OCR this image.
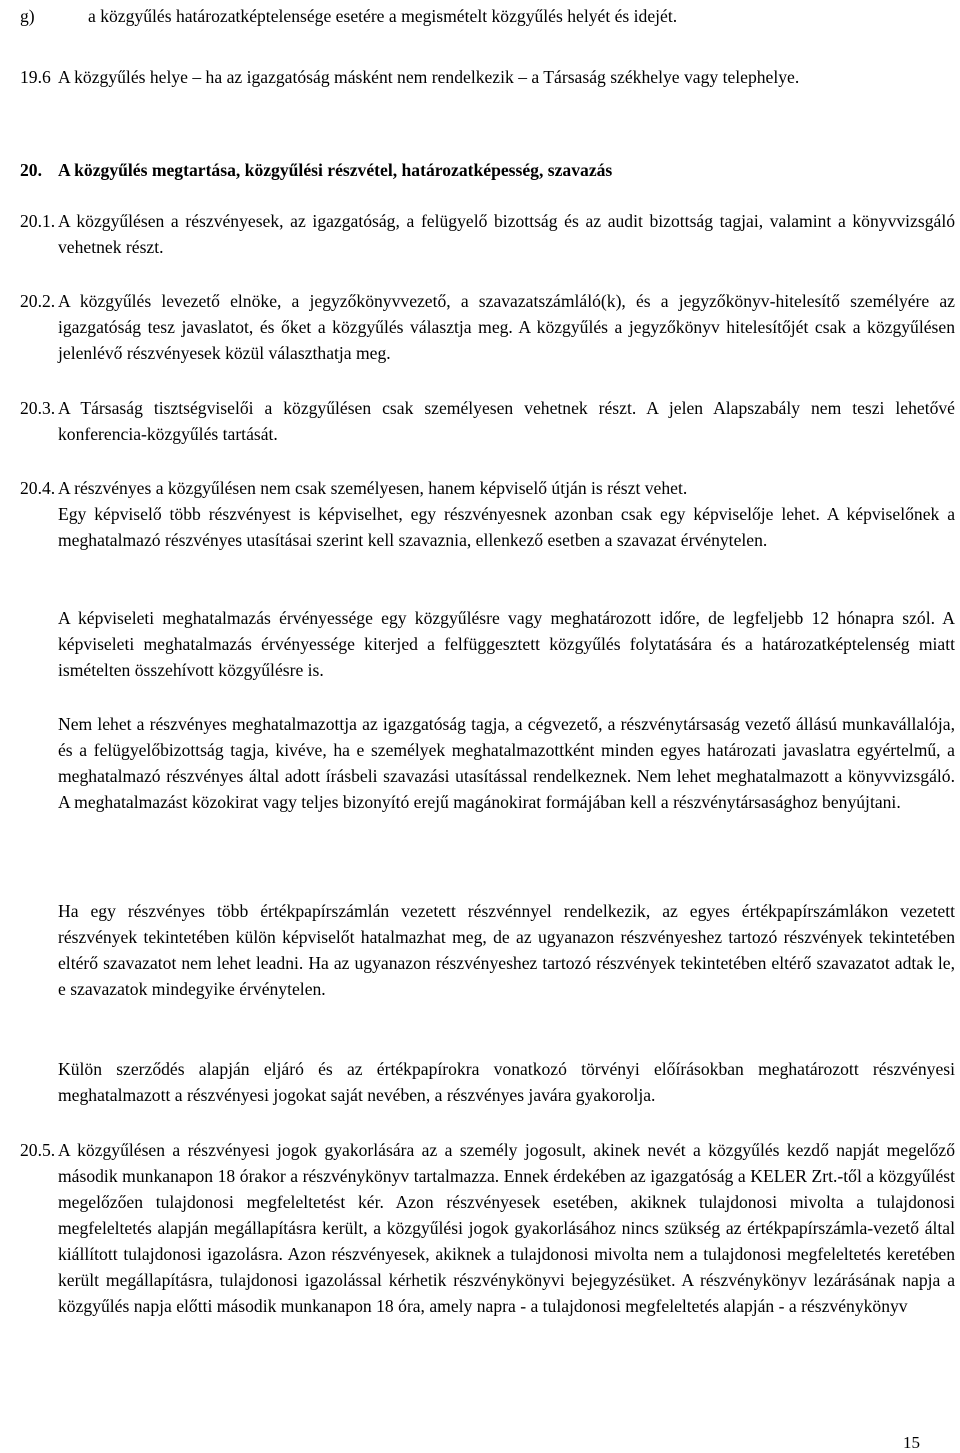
g)	a közgyűlés határozatképtelensége esetére a megismételt közgyűlés helyét és idejét.
19.6 A közgyűlés helye – ha az igazgatóság másként nem rendelkezik – a Társaság székhelye vagy telephelye.

20. A közgyűlés megtartása, közgyűlési részvétel, határozatképesség, szavazás

20.1. A közgyűlésen a részvényesek, az igazgatóság, a felügyelő bizottság és az audit bizottság tagjai, valamint a könyvvizsgáló vehetnek részt.

20.2. A közgyűlés levezető elnöke, a jegyzőkönyvvezető, a szavazatszámláló(k), és a jegyzőkönyv-hitelesítő személyére az igazgatóság tesz javaslatot, és őket a közgyűlés választja meg. A közgyűlés a jegyzőkönyv hitelesítőjét csak a közgyűlésen jelenlévő részvényesek közül választhatja meg.

20.3. A Társaság tisztségviselői a közgyűlésen csak személyesen vehetnek részt. A jelen Alapszabály nem teszi lehetővé konferencia-közgyűlés tartását.

20.4. A részvényes a közgyűlésen nem csak személyesen, hanem képviselő útján is részt vehet.

Egy képviselő több részvényest is képviselhet, egy részvényesnek azonban csak egy képviselője lehet. A képviselőnek a meghatalmazó részvényes utasításai szerint kell szavaznia, ellenkező esetben a szavazat érvénytelen.

A képviseleti meghatalmazás érvényessége egy közgyűlésre vagy meghatározott időre, de legfeljebb 12 hónapra szól. A képviseleti meghatalmazás érvényessége kiterjed a felfüggesztett közgyűlés folytatására és a határozatképtelenség miatt ismételten összehívott közgyűlésre is.

Nem lehet a részvényes meghatalmazottja az igazgatóság tagja, a cégvezető, a részvénytársaság vezető állású munkavállalója, és a felügyelőbizottság tagja, kivéve, ha e személyek meghatalmazottként minden egyes határozati javaslatra egyértelmű, a meghatalmazó részvényes által adott írásbeli szavazási utasítással rendelkeznek. Nem lehet meghatalmazott a könyvvizsgáló. A meghatalmazást közokirat vagy teljes bizonyító erejű magánokirat formájában kell a részvénytársasághoz benyújtani.

Ha egy részvényes több értékpapírszámlán vezetett részvénnyel rendelkezik, az egyes értékpapírszámlákon vezetett részvények tekintetében külön képviselőt hatalmazhat meg, de az ugyanazon részvényeshez tartozó részvények tekintetében eltérő szavazatot nem lehet leadni. Ha az ugyanazon részvényeshez tartozó részvények tekintetében eltérő szavazatot adtak le, e szavazatok mindegyike érvénytelen.

Külön szerződés alapján eljáró és az értékpapírokra vonatkozó törvényi előírásokban meghatározott részvényesi meghatalmazott a részvényesi jogokat saját nevében, a részvényes javára gyakorolja.

20.5. A közgyűlésen a részvényesi jogok gyakorlására az a személy jogosult, akinek nevét a közgyűlés kezdő napját megelőző második munkanapon 18 órakor a részvénykönyv tartalmazza. Ennek érdekében az igazgatóság a KELER Zrt.-től a közgyűlést megelőzően tulajdonosi megfeleltetést kér. Azon részvényesek esetében, akiknek tulajdonosi mivolta a tulajdonosi megfeleltetés alapján megállapításra került, a közgyűlési jogok gyakorlásához nincs szükség az értékpapírszámla-vezető által kiállított tulajdonosi igazolásra. Azon részvényesek, akiknek a tulajdonosi mivolta nem a tulajdonosi megfeleltetés keretében került megállapításra, tulajdonosi igazolással kérhetik részvénykönyvi bejegyzésüket. A részvénykönyv lezárásának napja a közgyűlés napja előtti második munkanapon 18 óra, amely napra - a tulajdonosi megfeleltetés alapján - a részvénykönyv

15
